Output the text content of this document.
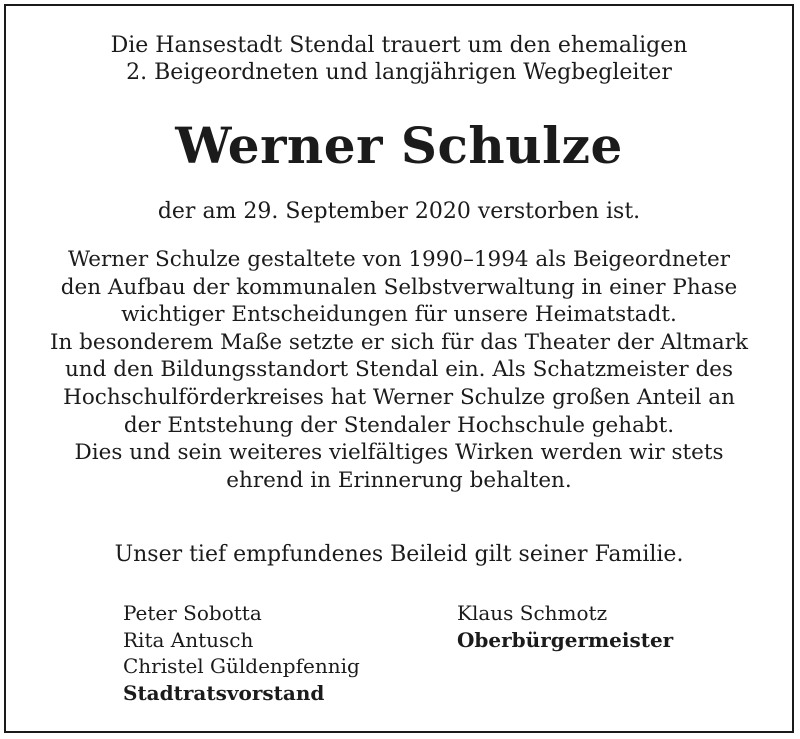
Die Hansestadt Stendal trauert um den ehemaligen
2. Beigeordneten und langjährigen Wegbegleiter
Werner Schulze
der am 29. September 2020 verstorben ist.
Werner Schulze gestaltete von 1990–1994 als Beigeordneter
den Aufbau der kommunalen Selbstverwaltung in einer Phase
wichtiger Entscheidungen für unsere Heimatstadt.
In besonderem Maße setzte er sich für das Theater der Altmark
und den Bildungsstandort Stendal ein. Als Schatzmeister des
Hochschulförderkreises hat Werner Schulze großen Anteil an
der Entstehung der Stendaler Hochschule gehabt.
Dies und sein weiteres vielfältiges Wirken werden wir stets
ehrend in Erinnerung behalten.
Unser tief empfundenes Beileid gilt seiner Familie.
Peter Sobotta
Rita Antusch
Christel Güldenpfennig
Stadtratsvorstand
Klaus Schmotz
Oberbürgermeister
